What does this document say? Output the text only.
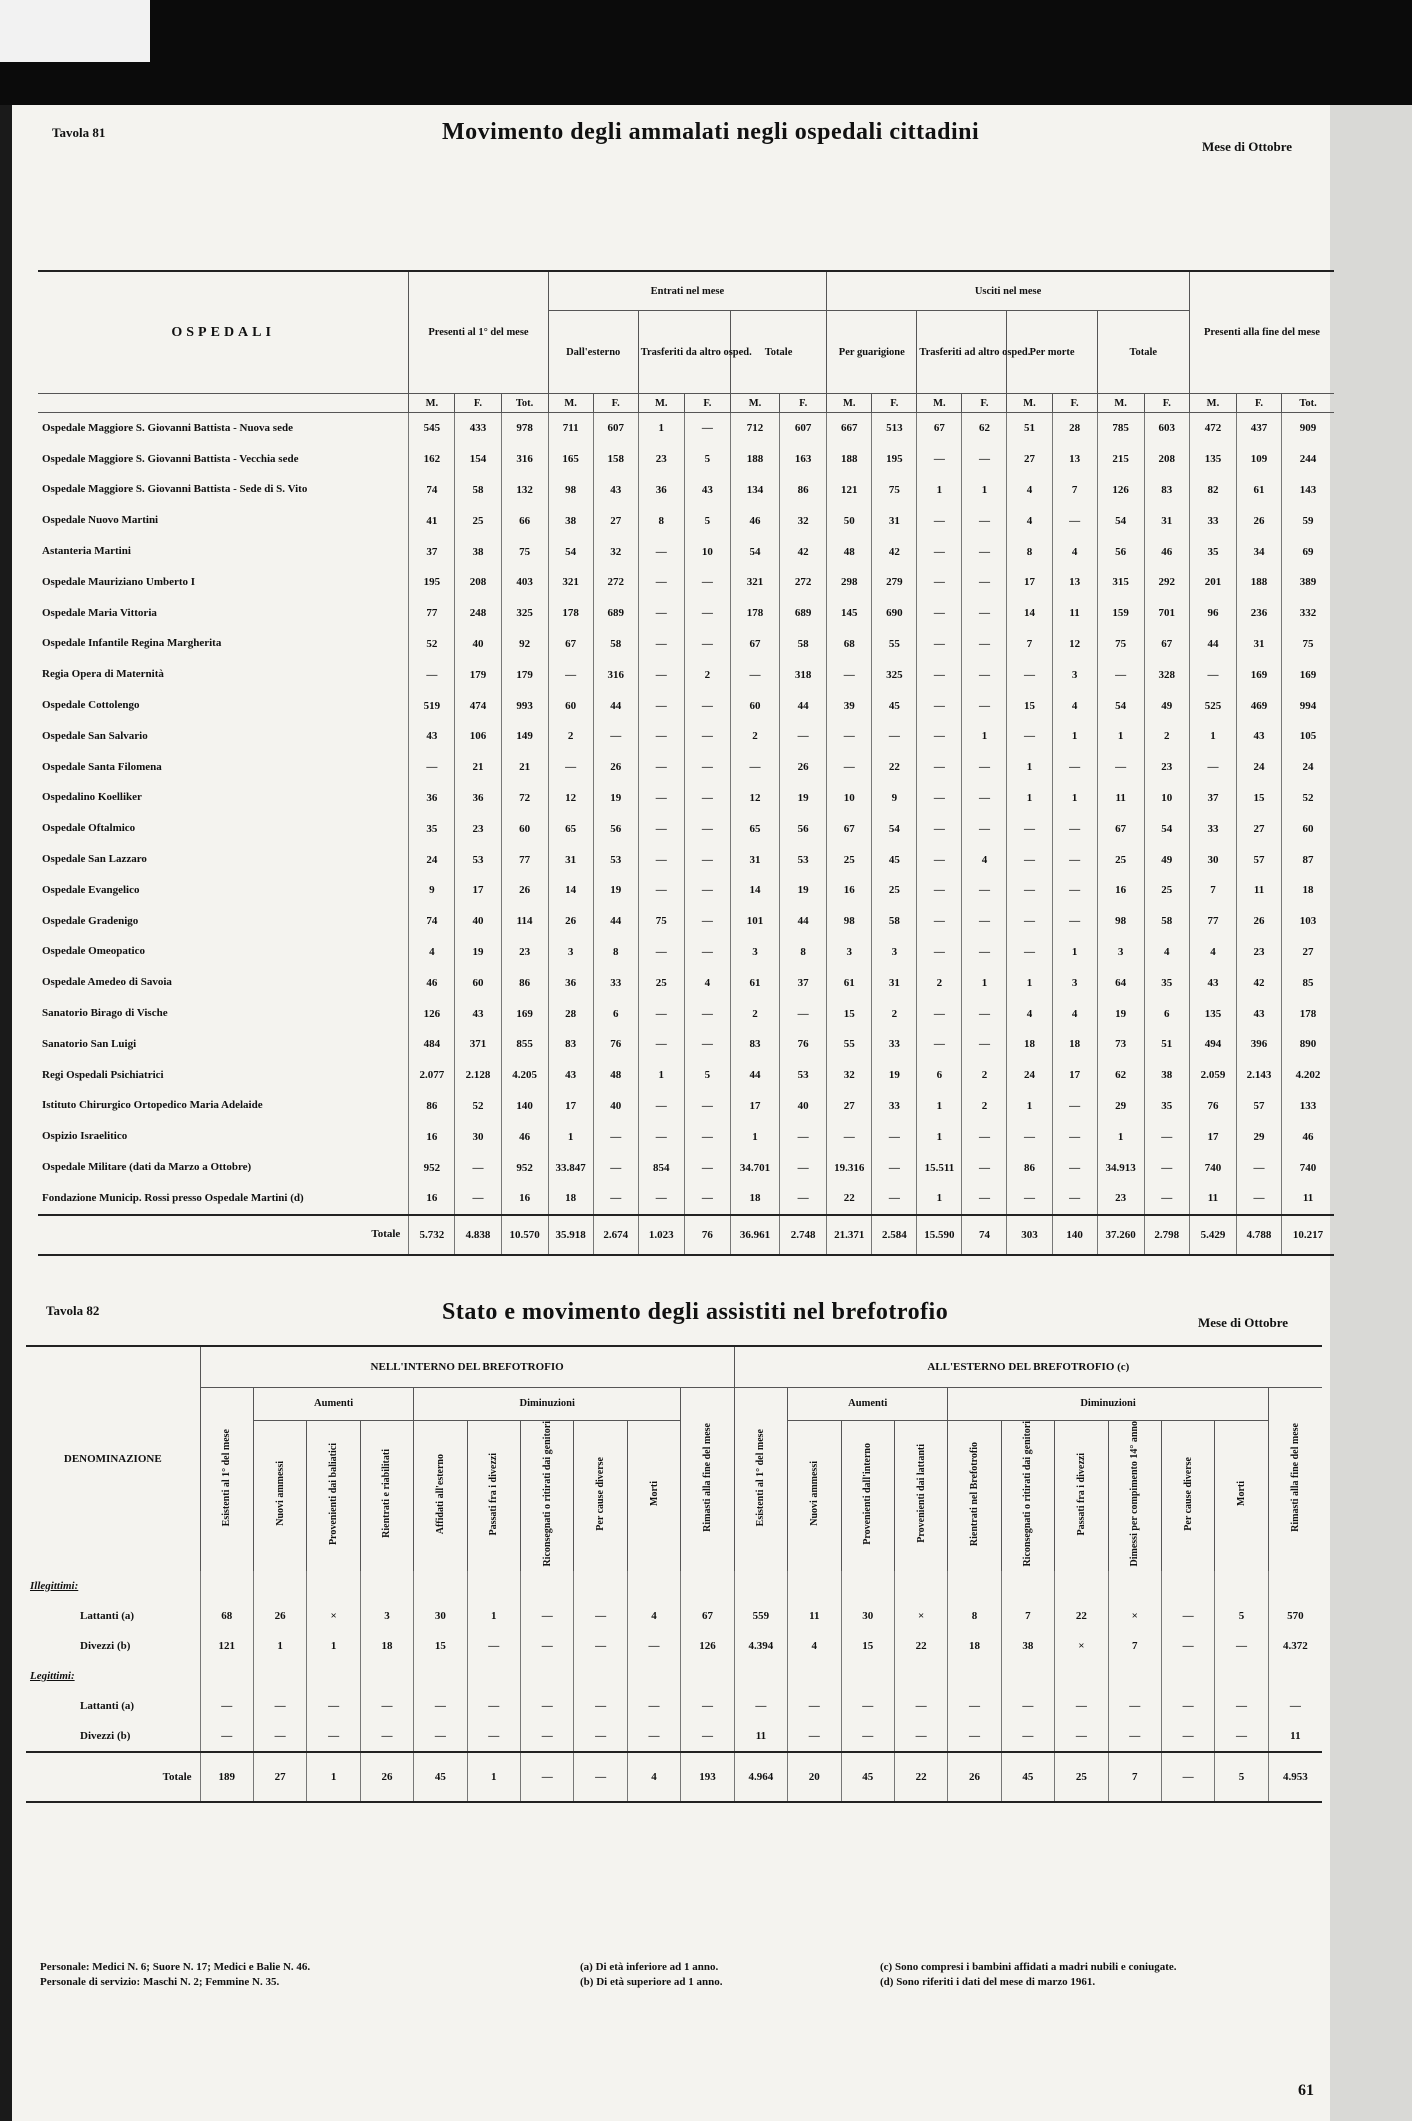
Tavola 81	Movimento degli ammalati negli ospedali cittadini
Mese di Ottobre
OSPEDALI	Presenti al 1° del mese			Entrati nel mese						Usciti nel mese								Presenti alla fine del mese		
				Dall'esterno		Trasferiti da altro osped.		Totale		Per guarigione		Trasferiti ad altro osped.		Per morte		Totale				
	M.	F.	Tot.	M.	F.	M.	F.	M.	F.	M.	F.	M.	F.	M.	F.	M.	F.	M.	F.	Tot.
Ospedale Maggiore S. Giovanni Battista - Nuova sede	545	433	978	711	607	1	—	712	607	667	513	67	62	51	28	785	603	472	437	909
Ospedale Maggiore S. Giovanni Battista - Vecchia sede	162	154	316	165	158	23	5	188	163	188	195	—	—	27	13	215	208	135	109	244
Ospedale Maggiore S. Giovanni Battista - Sede di S. Vito	74	58	132	98	43	36	43	134	86	121	75	1	1	4	7	126	83	82	61	143
Ospedale Nuovo Martini	41	25	66	38	27	8	5	46	32	50	31	—	—	4	—	54	31	33	26	59
Astanteria Martini	37	38	75	54	32	—	10	54	42	48	42	—	—	8	4	56	46	35	34	69
Ospedale Mauriziano Umberto I	195	208	403	321	272	—	—	321	272	298	279	—	—	17	13	315	292	201	188	389
Ospedale Maria Vittoria	77	248	325	178	689	—	—	178	689	145	690	—	—	14	11	159	701	96	236	332
Ospedale Infantile Regina Margherita	52	40	92	67	58	—	—	67	58	68	55	—	—	7	12	75	67	44	31	75
Regia Opera di Maternità	—	179	179	—	316	—	2	—	318	—	325	—	—	—	3	—	328	—	169	169
Ospedale Cottolengo	519	474	993	60	44	—	—	60	44	39	45	—	—	15	4	54	49	525	469	994
Ospedale San Salvario	43	106	149	2	—	—	—	2	—	—	—	—	1	—	1	1	2	1	43	105
Ospedale Santa Filomena	—	21	21	—	26	—	—	—	26	—	22	—	—	1	—	—	23	—	24	24
Ospedalino Koelliker	36	36	72	12	19	—	—	12	19	10	9	—	—	1	1	11	10	37	15	52
Ospedale Oftalmico	35	23	60	65	56	—	—	65	56	67	54	—	—	—	—	67	54	33	27	60
Ospedale San Lazzaro	24	53	77	31	53	—	—	31	53	25	45	—	4	—	—	25	49	30	57	87
Ospedale Evangelico	9	17	26	14	19	—	—	14	19	16	25	—	—	—	—	16	25	7	11	18
Ospedale Gradenigo	74	40	114	26	44	75	—	101	44	98	58	—	—	—	—	98	58	77	26	103
Ospedale Omeopatico	4	19	23	3	8	—	—	3	8	3	3	—	—	—	1	3	4	4	23	27
Ospedale Amedeo di Savoia	46	60	86	36	33	25	4	61	37	61	31	2	1	1	3	64	35	43	42	85
Sanatorio Birago di Vische	126	43	169	28	6	—	—	2	—	15	2	—	—	4	4	19	6	135	43	178
Sanatorio San Luigi	484	371	855	83	76	—	—	83	76	55	33	—	—	18	18	73	51	494	396	890
Regi Ospedali Psichiatrici	2.077	2.128	4.205	43	48	1	5	44	53	32	19	6	2	24	17	62	38	2.059	2.143	4.202
Istituto Chirurgico Ortopedico Maria Adelaide	86	52	140	17	40	—	—	17	40	27	33	1	2	1	—	29	35	76	57	133
Ospizio Israelitico	16	30	46	1	—	—	—	1	—	—	—	1	—	—	—	1	—	17	29	46
Ospedale Militare (dati da Marzo a Ottobre)	952	—	952	33.847	—	854	—	34.701	—	19.316	—	15.511	—	86	—	34.913	—	740	—	740
Fondazione Municip. Rossi presso Ospedale Martini (d)	16	—	16	18	—	—	—	18	—	22	—	1	—	—	—	23	—	11	—	11
Totale	5.732	4.838	10.570	35.918	2.674	1.023	76	36.961	2.748	21.371	2.584	15.590	74	303	140	37.260	2.798	5.429	4.788	10.217
Tavola 82	Stato e movimento degli assistiti nel brefotrofio	Mese di Ottobre
DENOMINAZIONE	NELL'INTERNO DEL BREFOTROFIO										ALL'ESTERNO DEL BREFOTROFIO (c)										
	Esistenti al 1° del mese	Aumenti			Diminuzioni					Rimasti alla fine del mese	Esistenti al 1° del mese	Aumenti			Diminuzioni						Rimasti alla fine del mese
		Nuovi ammessi	Provenienti dai baliatici	Rientrati e riabilitati	Affidati all'esterno	Passati fra i divezzi	Riconsegnati o ritirati dai genitori	Per cause diverse	Morti			Nuovi ammessi	Provenienti dall'interno	Provenienti dai lattanti	Rientrati nel Brefotrofio	Riconsegnati o ritirati dai genitori	Passati fra i divezzi	Dimessi per compimento 14° anno	Per cause diverse	Morti	
Illegittimi:																					
Lattanti (a)	68	26	×	3	30	1	—	—	4	67	559	11	30	×	8	7	22	×	—	5	570
Divezzi (b)	121	1	1	18	15	—	—	—	—	126	4.394	4	15	22	18	38	×	7	—	—	4.372
Legittimi:																					
Lattanti (a)	—	—	—	—	—	—	—	—	—	—	—	—	—	—	—	—	—	—	—	—	—
Divezzi (b)	—	—	—	—	—	—	—	—	—	—	11	—	—	—	—	—	—	—	—	—	11
Totale	189	27	1	26	45	1	—	—	4	193	4.964	20	45	22	26	45	25	7	—	5	4.953
Personale: Medici N. 6; Suore N. 17; Medici e Balie N. 46.
Personale di servizio: Maschi N. 2; Femmine N. 35.
(a) Di età inferiore ad 1 anno.
(b) Di età superiore ad 1 anno.
(c) Sono compresi i bambini affidati a madri nubili e coniugate.
(d) Sono riferiti i dati del mese di marzo 1961.
61
